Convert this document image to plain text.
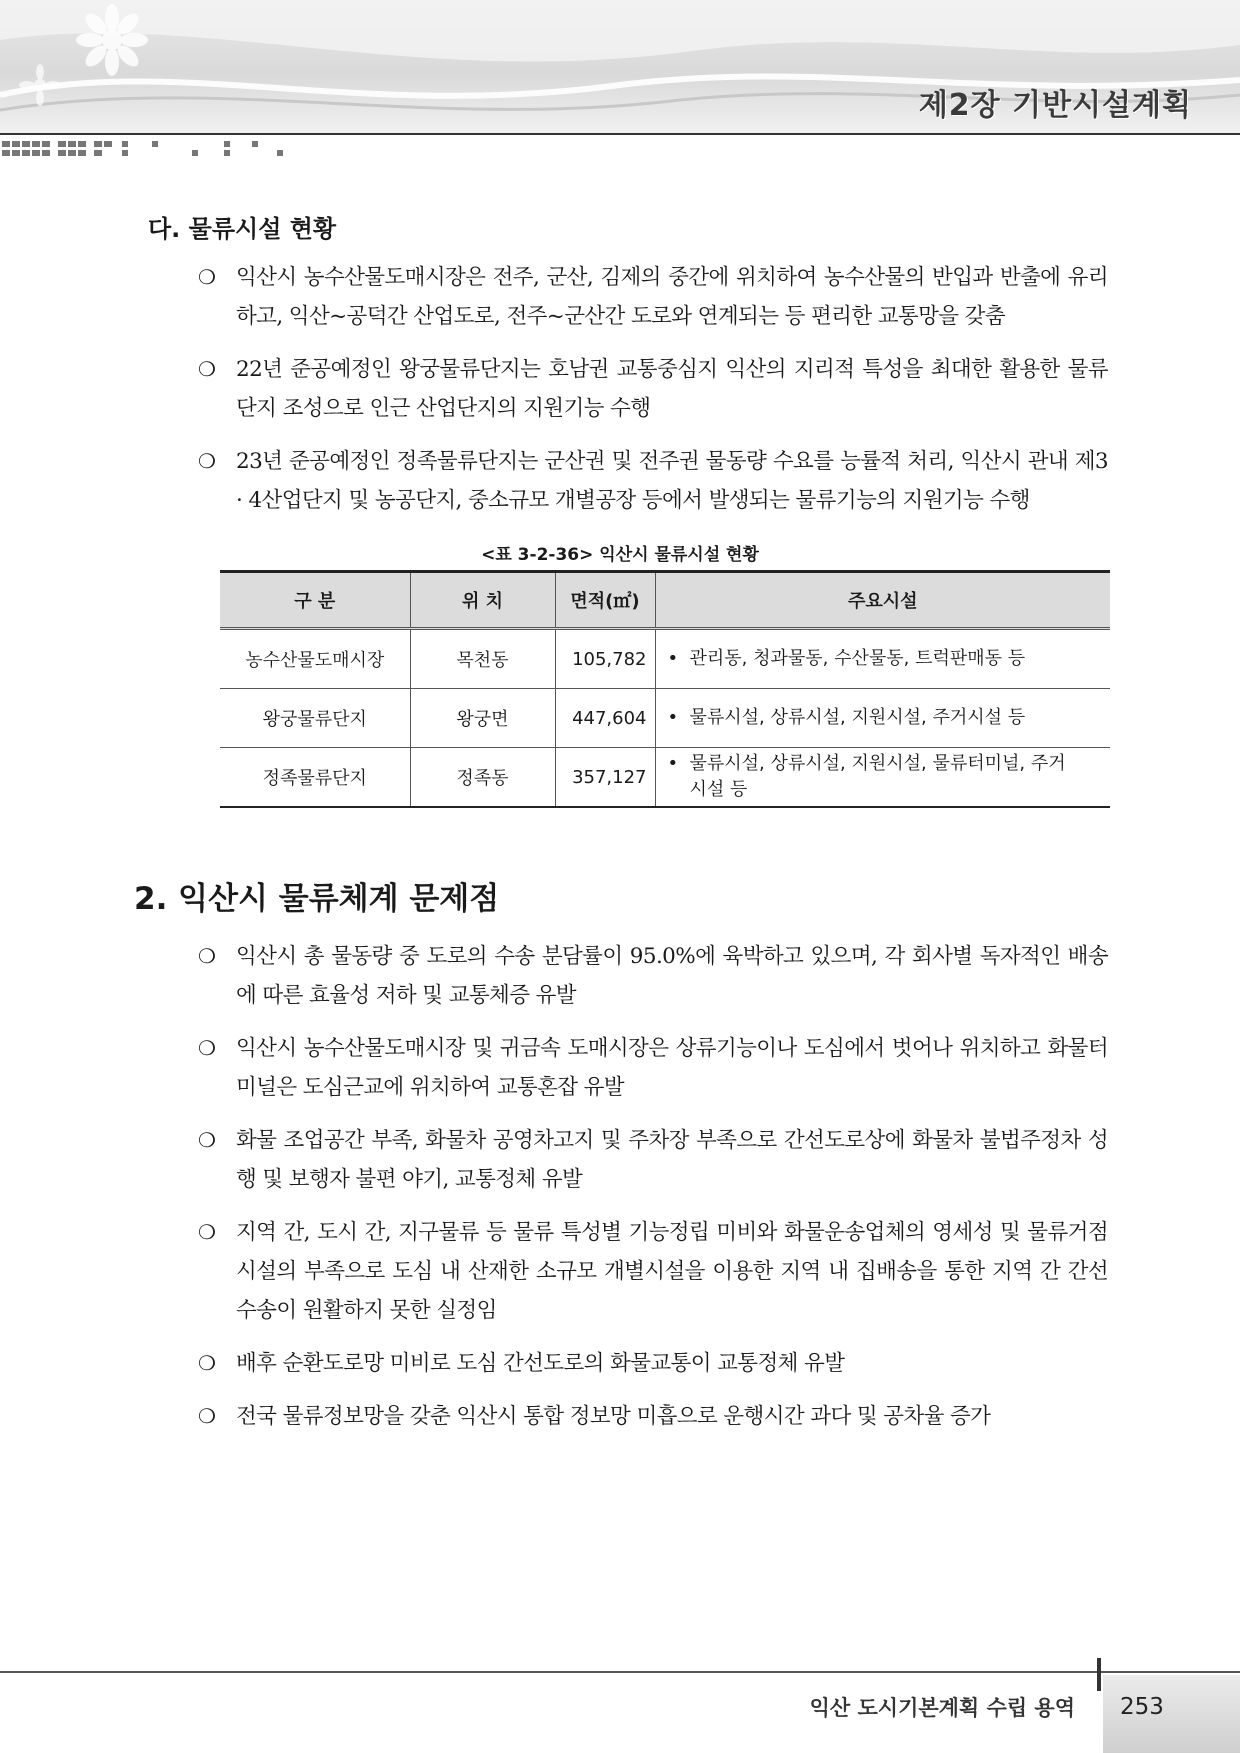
제2장 기반시설계획
다. 물류시설 현황
❍ 익산시 농수산물도매시장은 전주, 군산, 김제의 중간에 위치하여 농수산물의 반입과 반출에 유리하고, 익산~공덕간 산업도로, 전주~군산간 도로와 연계되는 등 편리한 교통망을 갖춤
❍ 22년 준공예정인 왕궁물류단지는 호남권 교통중심지 익산의 지리적 특성을 최대한 활용한 물류단지 조성으로 인근 산업단지의 지원기능 수행
❍ 23년 준공예정인 정족물류단지는 군산권 및 전주권 물동량 수요를 능률적 처리, 익산시 관내 제3 · 4산업단지 및 농공단지, 중소규모 개별공장 등에서 발생되는 물류기능의 지원기능 수행
<표 3-2-36> 익산시 물류시설 현황
구 분	위 치	면적(㎡)	주요시설
농수산물도매시장	목천동	105,782	• 관리동, 청과물동, 수산물동, 트럭판매동 등

왕궁물류단지	왕궁면	447,604	• 물류시설, 상류시설, 지원시설, 주거시설 등

정족물류단지	정족동	357,127	• 물류시설, 상류시설, 지원시설, 물류터미널, 주거
시설 등
2. 익산시 물류체계 문제점
❍ 익산시 총 물동량 중 도로의 수송 분담률이 95.0%에 육박하고 있으며, 각 회사별 독자적인 배송에 따른 효율성 저하 및 교통체증 유발
❍ 익산시 농수산물도매시장 및 귀금속 도매시장은 상류기능이나 도심에서 벗어나 위치하고 화물터미널은 도심근교에 위치하여 교통혼잡 유발
❍ 화물 조업공간 부족, 화물차 공영차고지 및 주차장 부족으로 간선도로상에 화물차 불법주정차 성행 및 보행자 불편 야기, 교통정체 유발
❍ 지역 간, 도시 간, 지구물류 등 물류 특성별 기능정립 미비와 화물운송업체의 영세성 및 물류거점 시설의 부족으로 도심 내 산재한 소규모 개별시설을 이용한 지역 내 집배송을 통한 지역 간 간선수송이 원활하지 못한 실정임
❍ 배후 순환도로망 미비로 도심 간선도로의 화물교통이 교통정체 유발
❍ 전국 물류정보망을 갖춘 익산시 통합 정보망 미흡으로 운행시간 과다 및 공차율 증가
익산 도시기본계획 수립 용역 253
